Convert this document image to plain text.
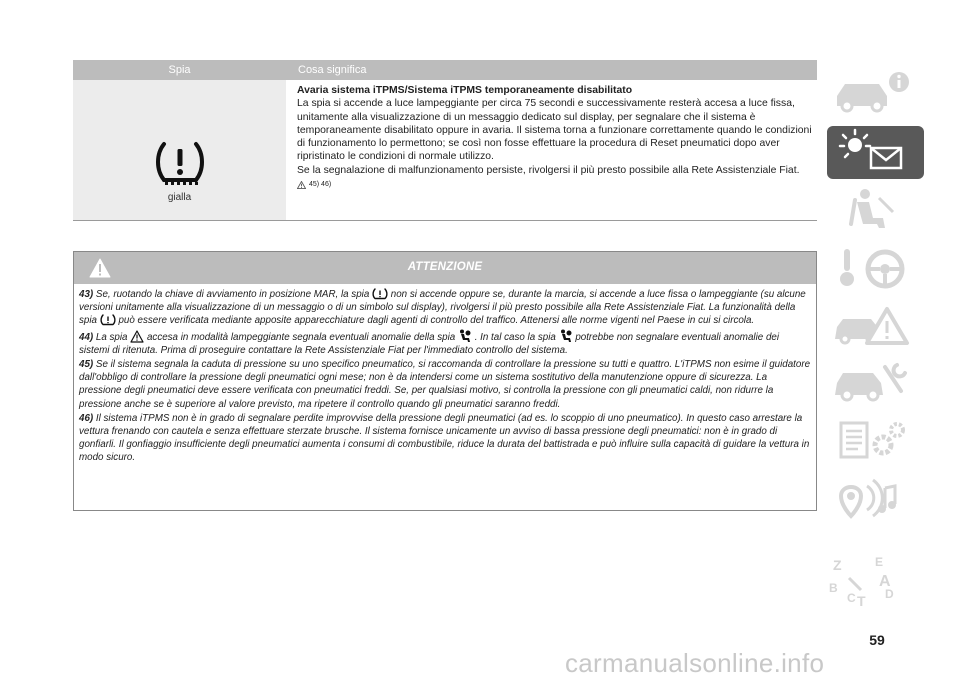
Spia	Cosa significa
gialla
Avaria sistema iTPMS/Sistema iTPMS temporaneamente disabilitato
La spia si accende a luce lampeggiante per circa 75 secondi e successivamente resterà accesa a luce fissa, unitamente alla visualizzazione di un messaggio dedicato sul display, per segnalare che il sistema è temporaneamente disabilitato oppure in avaria. Il sistema torna a funzionare correttamente quando le condizioni di funzionamento lo permettono; se così non fosse effettuare la procedura di Reset pneumatici dopo aver ripristinato le condizioni di normale utilizzo.
Se la segnalazione di malfunzionamento persiste, rivolgersi il più presto possibile alla Rete Assistenziale Fiat.
45) 46)
ATTENZIONE

43) Se, ruotando la chiave di avviamento in posizione MAR, la spia non si accende oppure se, durante la marcia, si accende a luce fissa o lampeggiante (su alcune versioni unitamente alla visualizzazione di un messaggio o di un simbolo sul display), rivolgersi il più presto possibile alla Rete Assistenziale Fiat. La funzionalità della spia può essere verificata mediante apposite apparecchiature dagli agenti di controllo del traffico. Attenersi alle norme vigenti nel Paese in cui si circola.

44) La spia accesa in modalità lampeggiante segnala eventuali anomalie della spia . In tal caso la spia potrebbe non segnalare eventuali anomalie dei sistemi di ritenuta. Prima di proseguire contattare la Rete Assistenziale Fiat per l'immediato controllo del sistema.

45) Se il sistema segnala la caduta di pressione su uno specifico pneumatico, si raccomanda di controllare la pressione su tutti e quattro. L'iTPMS non esime il guidatore dall'obbligo di controllare la pressione degli pneumatici ogni mese; non è da intendersi come un sistema sostitutivo della manutenzione oppure di sicurezza. La pressione degli pneumatici deve essere verificata con pneumatici freddi. Se, per qualsiasi motivo, si controlla la pressione con gli pneumatici caldi, non ridurre la pressione anche se è superiore al valore previsto, ma ripetere il controllo quando gli pneumatici saranno freddi.

46) Il sistema iTPMS non è in grado di segnalare perdite improvvise della pressione degli pneumatici (ad es. lo scoppio di uno pneumatico). In questo caso arrestare la vettura frenando con cautela e senza effettuare sterzate brusche. Il sistema fornisce unicamente un avviso di bassa pressione degli pneumatici: non è in grado di gonfiarli. Il gonfiaggio insufficiente degli pneumatici aumenta i consumi di combustibile, riduce la durata del battistrada e può influire sulla capacità di guidare la vettura in modo sicuro.

Z	E
B
C
A
T D
59
carmanualsonline.info
